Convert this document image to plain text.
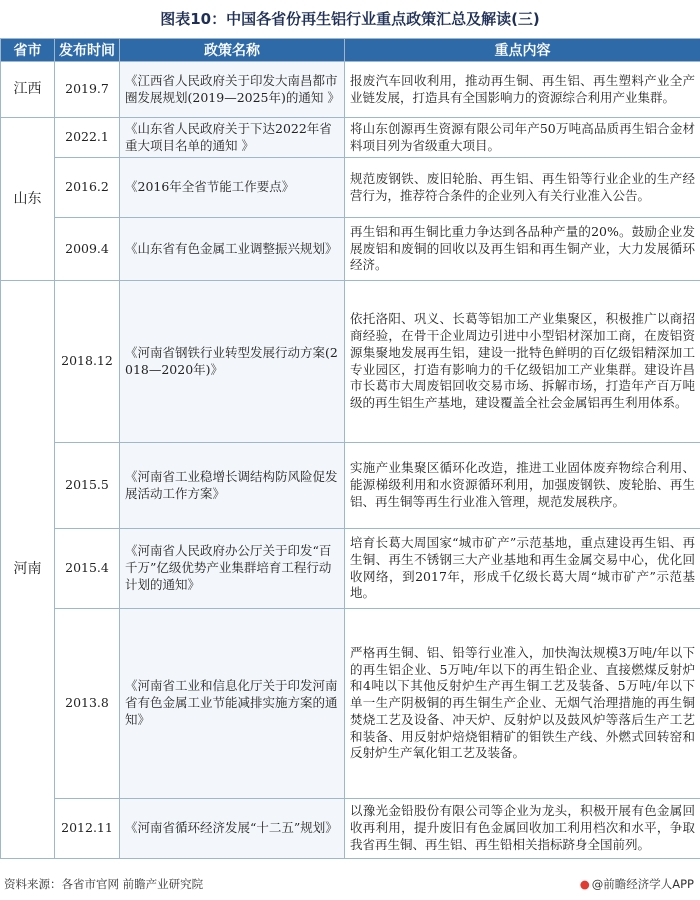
图表10：中国各省份再生铝行业重点政策汇总及解读(三)
省市	发布时间	政策名称	重点内容
江西	2019.7	《江西省人民政府关于印发大南昌都市圈发展规划(2019—2025年)的通知 》	报废汽车回收利用，推动再生铜、再生铝、再生塑料产业全产业链发展，打造具有全国影响力的资源综合利用产业集群。
山东	2022.1	《山东省人民政府关于下达2022年省重大项目名单的通知 》	将山东创源再生资源有限公司年产50万吨高品质再生铝合金材料项目列为省级重大项目。
	2016.2	《2016年全省节能工作要点》	规范废钢铁、废旧轮胎、再生铝、再生铅等行业企业的生产经营行为，推荐符合条件的企业列入有关行业准入公告。
	2009.4	《山东省有色金属工业调整振兴规划》	再生铝和再生铜比重力争达到各品种产量的20%。鼓励企业发展废铝和废铜的回收以及再生铝和再生铜产业，大力发展循环经济。
河南	2018.12	《河南省钢铁行业转型发展行动方案(2018—2020年)》	依托洛阳、巩义、长葛等铝加工产业集聚区，积极推广以商招商经验，在骨干企业周边引进中小型铝材深加工商，在废铝资源集聚地发展再生铝，建设一批特色鲜明的百亿级铝精深加工专业园区，打造有影响力的千亿级铝加工产业集群。建设许昌市长葛市大周废铝回收交易市场、拆解市场，打造年产百万吨级的再生铝生产基地，建设覆盖全社会金属铝再生利用体系。
	2015.5	《河南省工业稳增长调结构防风险促发展活动工作方案》	实施产业集聚区循环化改造，推进工业固体废弃物综合利用、能源梯级利用和水资源循环利用，加强废钢铁、废轮胎、再生铝、再生铜等再生行业准入管理，规范发展秩序。
	2015.4	《河南省人民政府办公厅关于印发“百千万”亿级优势产业集群培育工程行动计划的通知》	培育长葛大周国家“城市矿产”示范基地，重点建设再生铝、再生铜、再生不锈钢三大产业基地和再生金属交易中心，优化回收网络，到2017年，形成千亿级长葛大周“城市矿产”示范基地。
	2013.8	《河南省工业和信息化厅关于印发河南省有色金属工业节能减排实施方案的通知》	严格再生铜、铝、铅等行业准入，加快淘汰规模3万吨/年以下的再生铝企业、5万吨/年以下的再生铅企业、直接燃煤反射炉和4吨以下其他反射炉生产再生铜工艺及装备、5万吨/年以下单一生产阴极铜的再生铜生产企业、无烟气治理措施的再生铜焚烧工艺及设备、冲天炉、反射炉以及鼓风炉等落后生产工艺和装备、用反射炉焙烧钼精矿的钼铁生产线、外燃式回转窑和反射炉生产氧化钼工艺及装备。
	2012.11	《河南省循环经济发展“十二五”规划》	以豫光金铅股份有限公司等企业为龙头，积极开展有色金属回收再利用，提升废旧有色金属回收加工利用档次和水平，争取我省再生铜、再生铝、再生铅相关指标跻身全国前列。
资料来源：各省市官网 前瞻产业研究院	● @前瞻经济学人APP
